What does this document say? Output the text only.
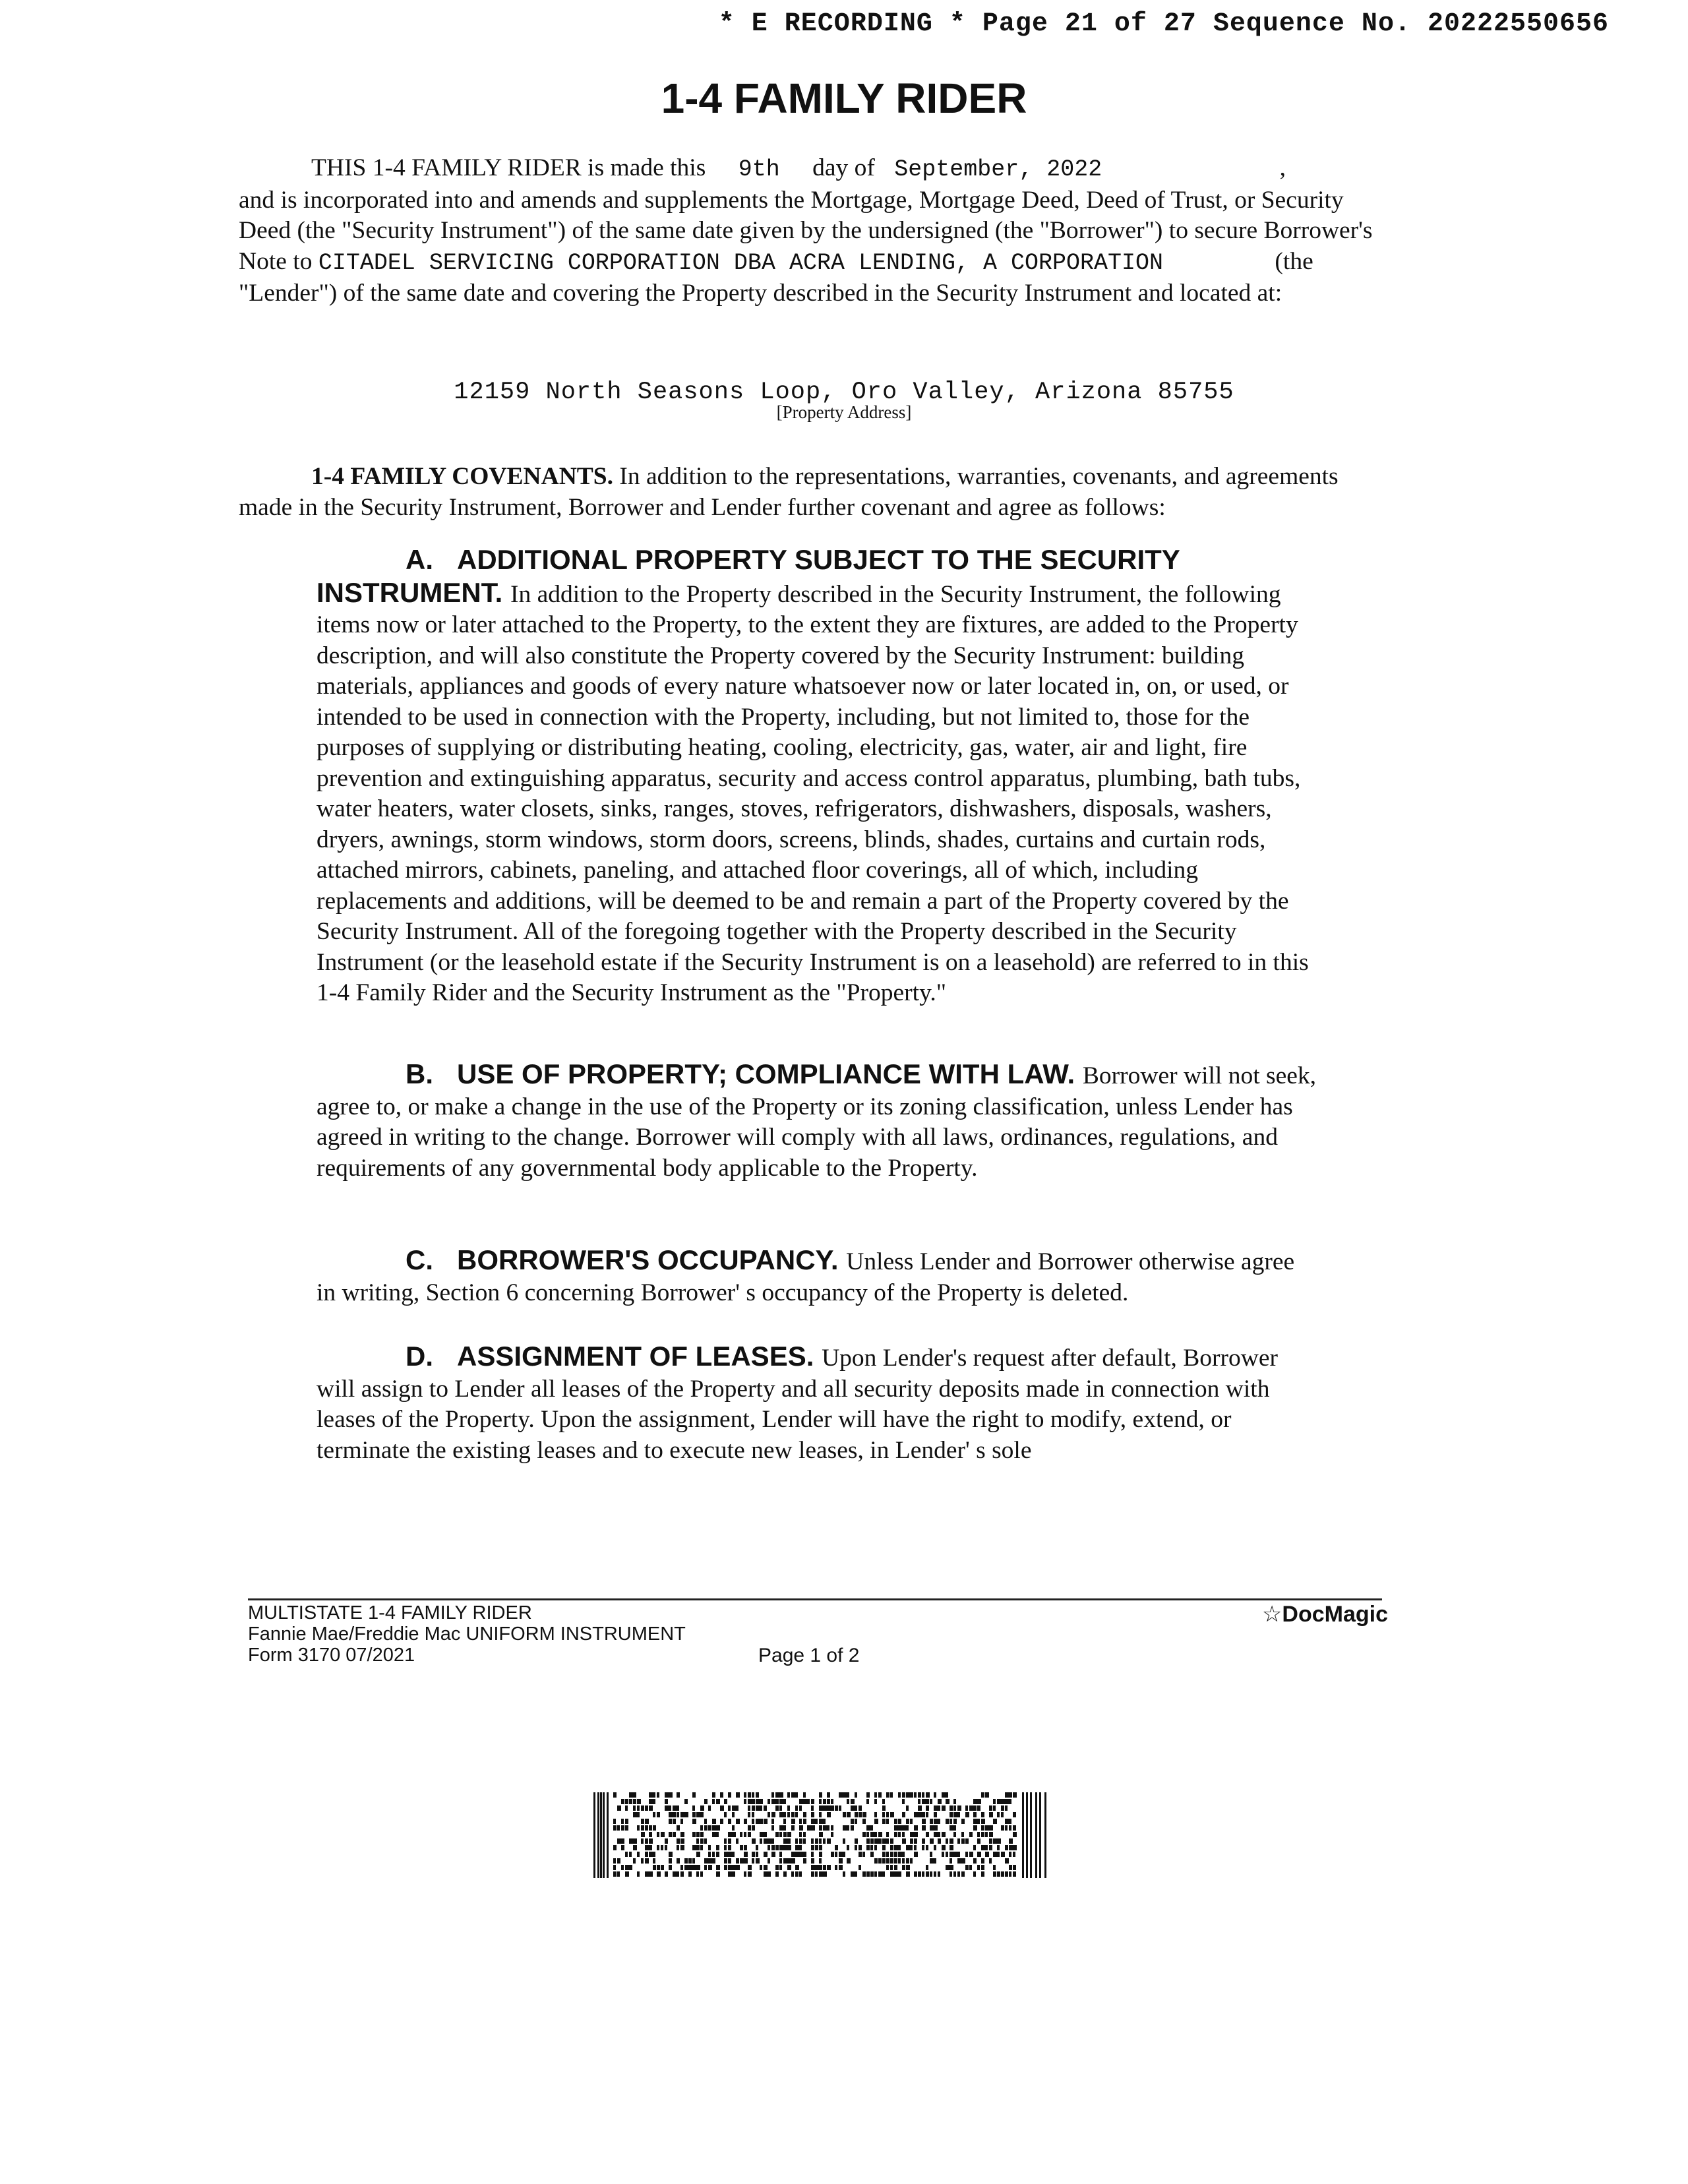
* E RECORDING * Page 21 of 27 Sequence No. 20222550656
1-4 FAMILY RIDER

THIS 1-4 FAMILY RIDER is made this 9th day of September, 2022	,

and is incorporated into and amends and supplements the Mortgage, Mortgage Deed, Deed of Trust, or Security Deed (the "Security Instrument") of the same date given by the undersigned (the "Borrower") to secure Borrower's Note to CITADEL SERVICING CORPORATION DBA ACRA LENDING, A CORPORATION	(the "Lender") of the same date and covering the Property described in the Security Instrument and located at:

12159 North Seasons Loop, Oro Valley, Arizona 85755
[Property Address]
1-4 FAMILY COVENANTS. In addition to the representations, warranties, covenants, and agreements made in the Security Instrument, Borrower and Lender further covenant and agree as follows:
A. ADDITIONAL PROPERTY SUBJECT TO THE SECURITY INSTRUMENT. In addition to the Property described in the Security Instrument, the following items now or later attached to the Property, to the extent they are fixtures, are added to the Property description, and will also constitute the Property covered by the Security Instrument: building materials, appliances and goods of every nature whatsoever now or later located in, on, or used, or intended to be used in connection with the Property, including, but not limited to, those for the purposes of supplying or distributing heating, cooling, electricity, gas, water, air and light, fire prevention and extinguishing apparatus, security and access control apparatus, plumbing, bath tubs, water heaters, water closets, sinks, ranges, stoves, refrigerators, dishwashers, disposals, washers, dryers, awnings, storm windows, storm doors, screens, blinds, shades, curtains and curtain rods, attached mirrors, cabinets, paneling, and attached floor coverings, all of which, including replacements and additions, will be deemed to be and remain a part of the Property covered by the Security Instrument. All of the foregoing together with the Property described in the Security Instrument (or the leasehold estate if the Security Instrument is on a leasehold) are referred to in this 1-4 Family Rider and the Security Instrument as the "Property."
B. USE OF PROPERTY; COMPLIANCE WITH LAW. Borrower will not seek, agree to, or make a change in the use of the Property or its zoning classification, unless Lender has agreed in writing to the change. Borrower will comply with all laws, ordinances, regulations, and requirements of any governmental body applicable to the Property.
C. BORROWER'S OCCUPANCY. Unless Lender and Borrower otherwise agree in writing, Section 6 concerning Borrower' s occupancy of the Property is deleted.
D. ASSIGNMENT OF LEASES. Upon Lender's request after default, Borrower will assign to Lender all leases of the Property and all security deposits made in connection with leases of the Property. Upon the assignment, Lender will have the right to modify, extend, or terminate the existing leases and to execute new leases, in Lender' s sole
MULTISTATE 1-4 FAMILY RIDER
Fannie Mae/Freddie Mac UNIFORM INSTRUMENT
Form 3170 07/2021	Page 1 of 2
☆DocMagic
